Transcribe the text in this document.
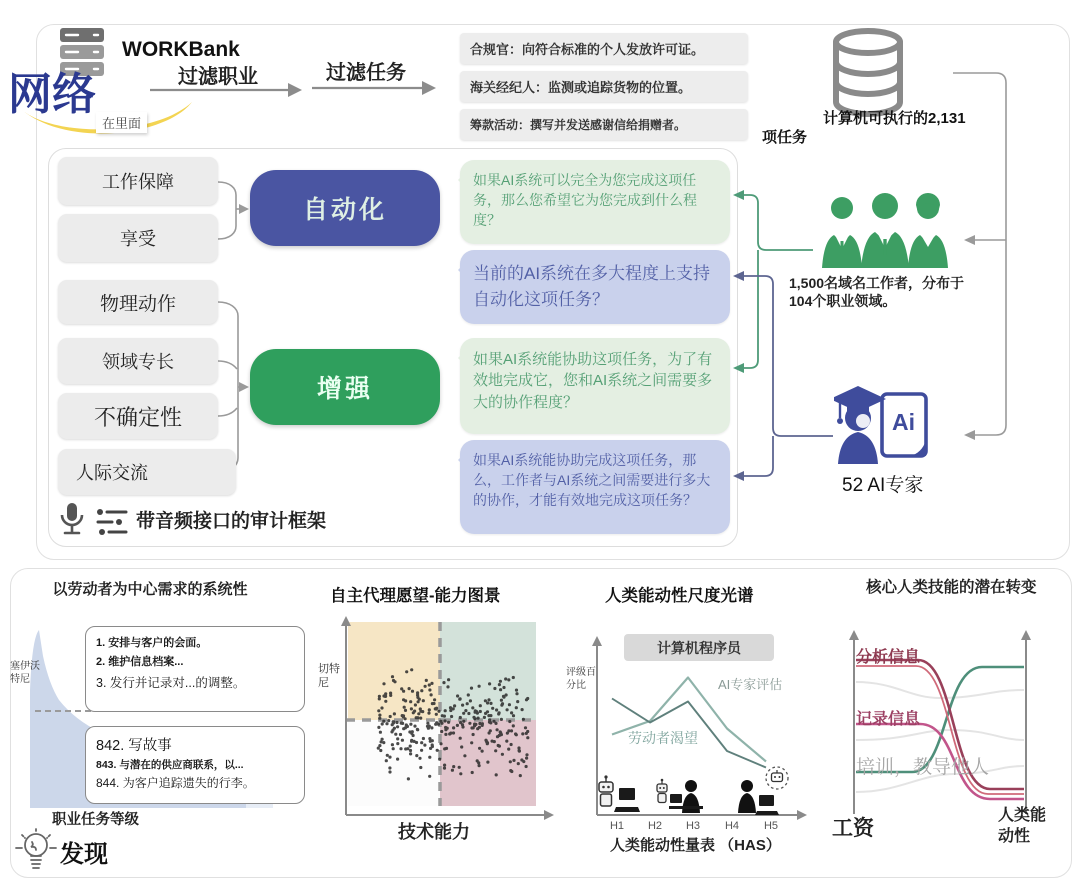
WORKBank
网络
在里面
过滤职业	过滤任务
合规官：向符合标准的个人发放许可证。
海关经纪人：监测或追踪货物的位置。
筹款活动：撰写并发送感谢信给捐赠者。	计算机可执行的2,131
项任务
工作保障
享受
物理动作
领域专长
不确定性
人际交流
自动化
增强
如果AI系统可以完全为您完成这项任务，那么您希望它为您完成到什么程度？
当前的AI系统在多大程度上支持自动化这项任务？
如果AI系统能协助这项任务，为了有效地完成它，您和AI系统之间需要多大的协作程度？
如果AI系统能协助完成这项任务，那么，工作者与AI系统之间需要进行多大的协作，才能有效地完成这项任务？
1,500名域名工作者，分布于
104个职业领域。
Ai
52 AI专家
带音频接口的审计框架
以劳动者为中心需求的系统性
塞伊沃特尼
1. 安排与客户的会面。
2. 维护信息档案...
3. 发行并记录对...的调整。
842. 写故事
843. 与潜在的供应商联系，以...
844. 为客户追踪遗失的行李。
职业任务等级
发现
自主代理愿望-能力图景
切特尼
技术能力
人类能动性尺度光谱
计算机程序员
评级百分比	AI专家评估
劳动者渴望
H1	H2	H3	H4	H5
人类能动性量表 （HAS）
核心人类技能的潜在转变
分析信息
记录信息
培训，教导他人
工资
人类能动性
